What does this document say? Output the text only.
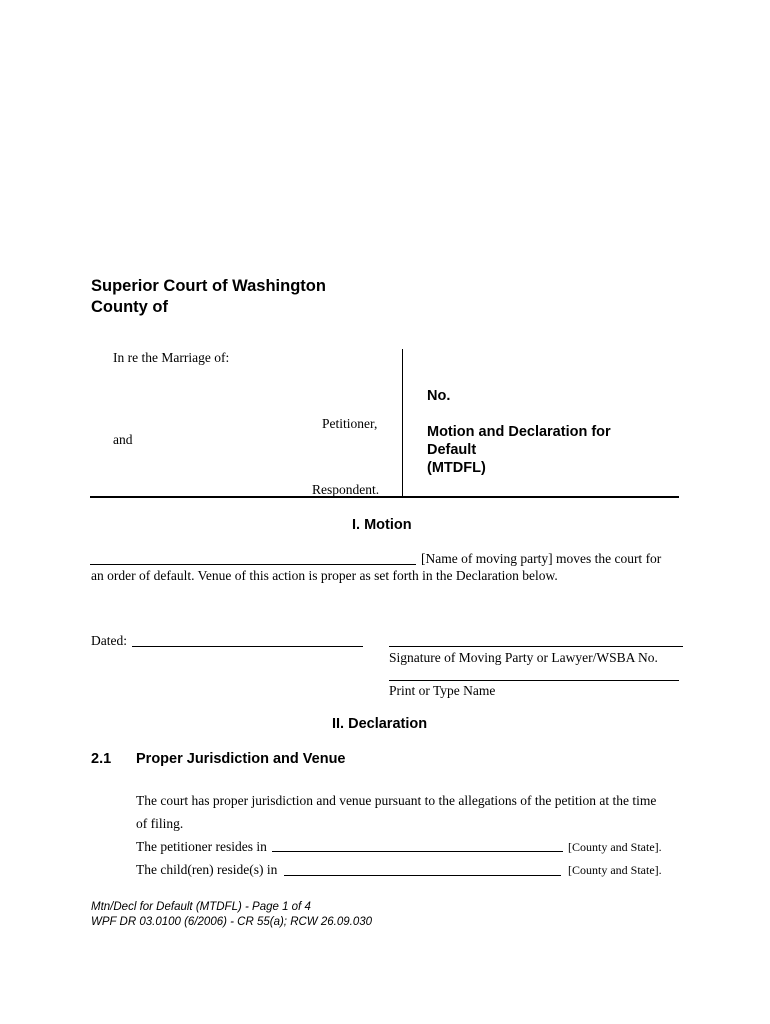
Superior Court of Washington
County of
In re the Marriage of:
Petitioner,
and
Respondent.
No.
Motion and Declaration for
Default
(MTDFL)
I. Motion
[Name of moving party] moves the court for
an order of default. Venue of this action is proper as set forth in the Declaration below.
Dated:
Signature of Moving Party or Lawyer/WSBA No.
Print or Type Name
II. Declaration
2.1 Proper Jurisdiction and Venue
The court has proper jurisdiction and venue pursuant to the allegations of the petition at the time
of filing.
The petitioner resides in	[County and State].
The child(ren) reside(s) in	[County and State].
Mtn/Decl for Default (MTDFL) - Page 1 of 4
WPF DR 03.0100 (6/2006) - CR 55(a); RCW 26.09.030
